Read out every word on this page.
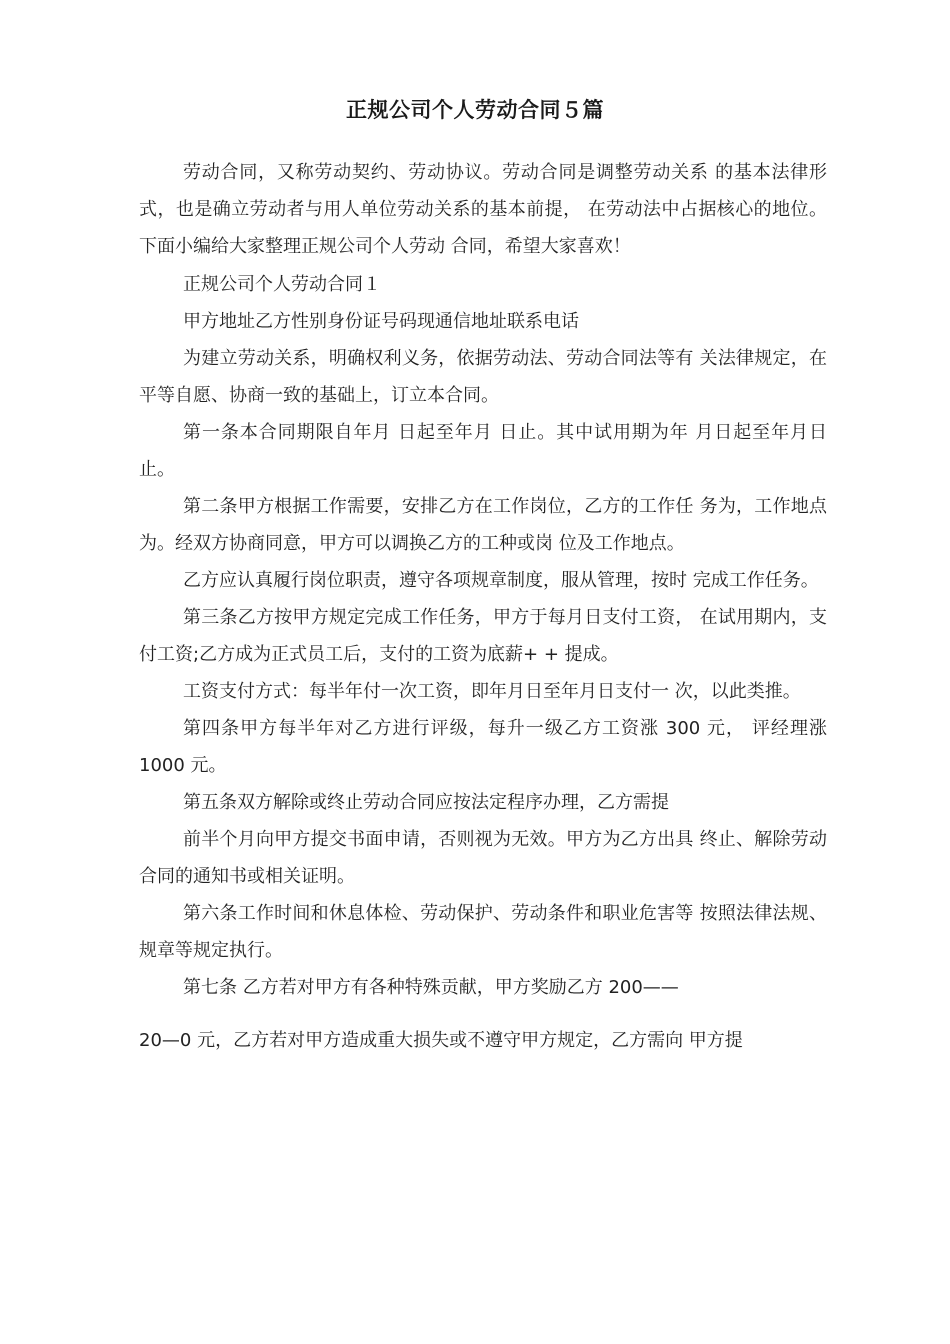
正规公司个人劳动合同５篇

劳动合同，又称劳动契约、劳动协议。劳动合同是调整劳动关系 的基本法律形式，也是确立劳动者与用人单位劳动关系的基本前提， 在劳动法中占据核心的地位。下面小编给大家整理正规公司个人劳动 合同，希望大家喜欢！

正规公司个人劳动合同１

甲方地址乙方性别身份证号码现通信地址联系电话

为建立劳动关系，明确权利义务，依据劳动法、劳动合同法等有 关法律规定，在平等自愿、协商一致的基础上，订立本合同。

第一条本合同期限自年月 日起至年月 日止。其中试用期为年 月日起至年月日止。

第二条甲方根据工作需要，安排乙方在工作岗位，乙方的工作任 务为，工作地点为。经双方协商同意，甲方可以调换乙方的工种或岗 位及工作地点。

乙方应认真履行岗位职责，遵守各项规章制度，服从管理，按时 完成工作任务。

第三条乙方按甲方规定完成工作任务，甲方于每月日支付工资， 在试用期内，支付工资;乙方成为正式员工后，支付的工资为底薪+ + 提成。

工资支付方式：每半年付一次工资，即年月日至年月日支付一 次，以此类推。

第四条甲方每半年对乙方进行评级，每升一级乙方工资涨 300 元， 评经理涨 1000 元。

第五条双方解除或终止劳动合同应按法定程序办理，乙方需提

前半个月向甲方提交书面申请，否则视为无效。甲方为乙方出具 终止、解除劳动合同的通知书或相关证明。

第六条工作时间和休息体检、劳动保护、劳动条件和职业危害等 按照法律法规、规章等规定执行。

第七条 乙方若对甲方有各种特殊贡献，甲方奖励乙方 200——

20—0 元，乙方若对甲方造成重大损失或不遵守甲方规定，乙方需向 甲方提
